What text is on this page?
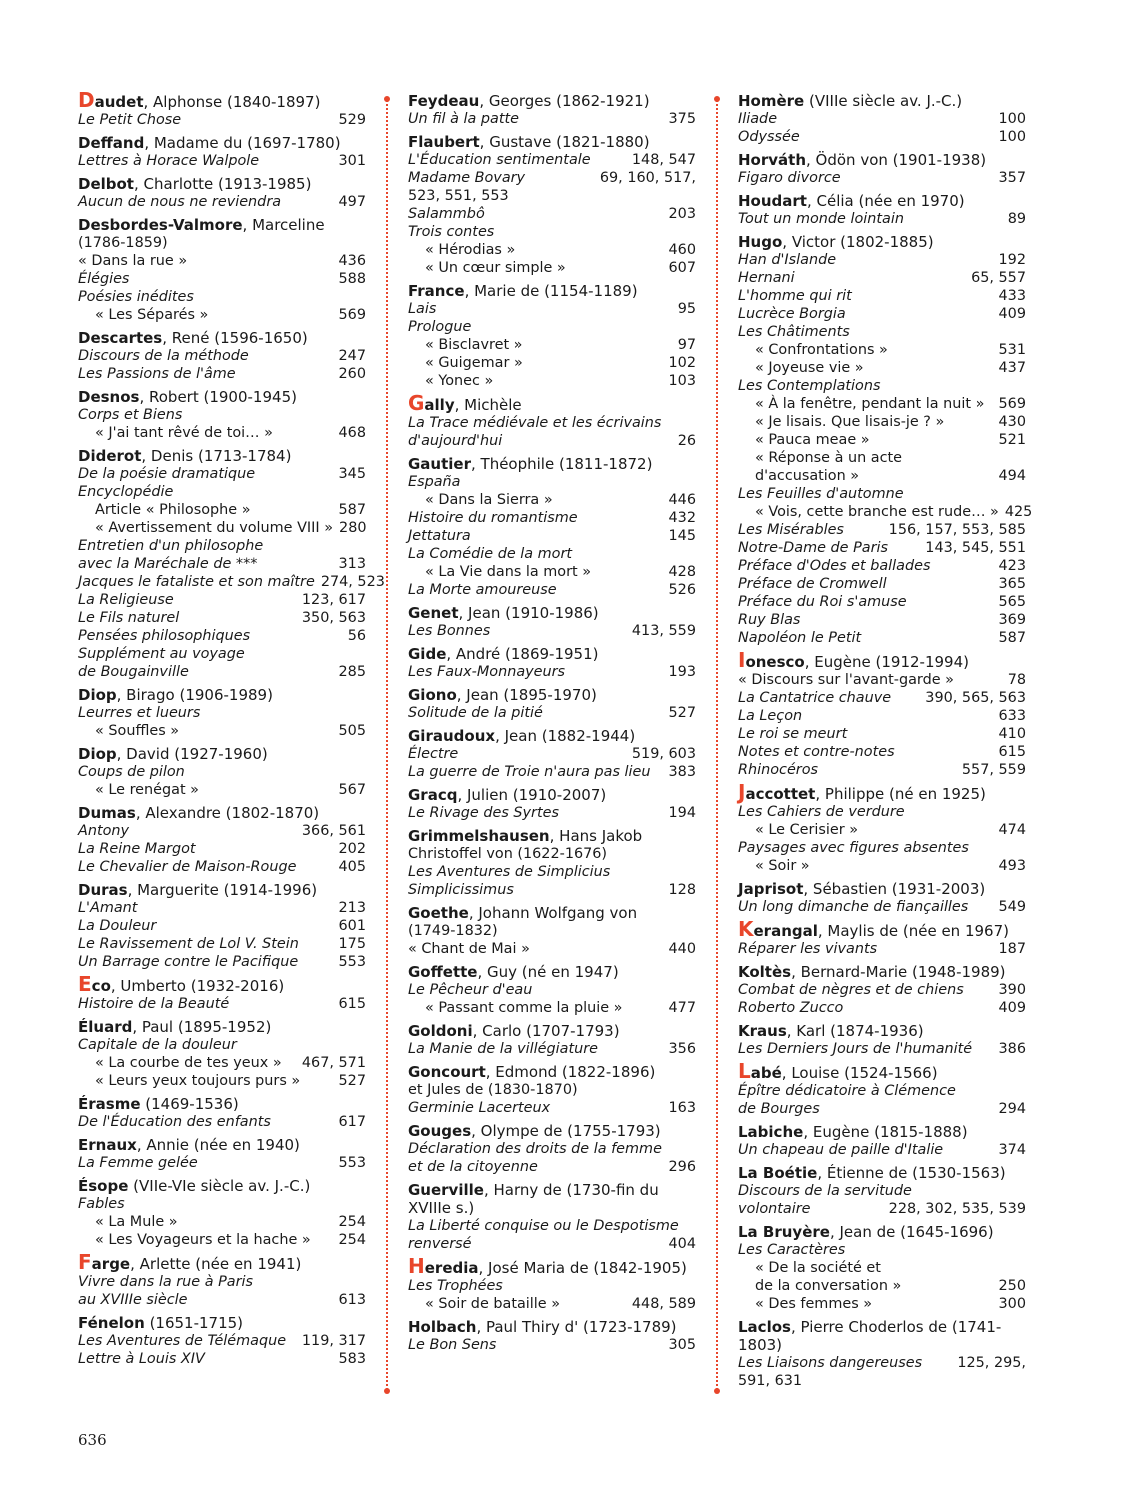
Daudet, Alphonse (1840-1897)
Le Petit Chose	529
Deffand, Madame du (1697-1780)
Lettres à Horace Walpole	301
Delbot, Charlotte (1913-1985)
Aucun de nous ne reviendra	497
Desbordes-Valmore, Marceline
(1786-1859)
« Dans la rue »	436
Élégies	588
Poésies inédites
« Les Séparés »	569
Descartes, René (1596-1650)
Discours de la méthode	247
Les Passions de l'âme	260
Desnos, Robert (1900-1945)
Corps et Biens
« J'ai tant rêvé de toi… »	468
Diderot, Denis (1713-1784)
De la poésie dramatique	345
Encyclopédie
Article « Philosophe »	587
« Avertissement du volume VIII » 280
Entretien d'un philosophe
avec la Maréchale de ***	313
Jacques le fataliste et son maître 274, 523
La Religieuse	123, 617
Le Fils naturel	350, 563
Pensées philosophiques	56
Supplément au voyage
de Bougainville	285
Diop, Birago (1906-1989)
Leurres et lueurs
« Souffles »	505
Diop, David (1927-1960)
Coups de pilon
« Le renégat »	567
Dumas, Alexandre (1802-1870)
Antony	366, 561
La Reine Margot	202
Le Chevalier de Maison-Rouge	405
Duras, Marguerite (1914-1996)
L'Amant	213
La Douleur	601
Le Ravissement de Lol V. Stein	175
Un Barrage contre le Pacifique	553
Eco, Umberto (1932-2016)
Histoire de la Beauté	615
Éluard, Paul (1895-1952)
Capitale de la douleur
« La courbe de tes yeux »	467, 571
« Leurs yeux toujours purs »	527
Érasme (1469-1536)
De l'Éducation des enfants	617
Ernaux, Annie (née en 1940)
La Femme gelée	553
Ésope (VIIe-VIe siècle av. J.-C.)
Fables
« La Mule »	254
« Les Voyageurs et la hache »	254
Farge, Arlette (née en 1941)
Vivre dans la rue à Paris
au XVIIIe siècle	613
Fénelon (1651-1715)
Les Aventures de Télémaque	119, 317
Lettre à Louis XIV	583
Feydeau, Georges (1862-1921)
Un fil à la patte	375
Flaubert, Gustave (1821-1880)
L'Éducation sentimentale	148, 547
Madame Bovary	69, 160, 517,
523, 551, 553
Salammbô	203
Trois contes
« Hérodias »	460
« Un cœur simple »	607
France, Marie de (1154-1189)
Lais	95
Prologue
« Bisclavret »	97
« Guigemar »	102
« Yonec »	103
Gally, Michèle
La Trace médiévale et les écrivains
d'aujourd'hui	26
Gautier, Théophile (1811-1872)
España
« Dans la Sierra »	446
Histoire du romantisme	432
Jettatura	145
La Comédie de la mort
« La Vie dans la mort »	428
La Morte amoureuse	526
Genet, Jean (1910-1986)
Les Bonnes	413, 559
Gide, André (1869-1951)
Les Faux-Monnayeurs	193
Giono, Jean (1895-1970)
Solitude de la pitié	527
Giraudoux, Jean (1882-1944)
Électre	519, 603
La guerre de Troie n'aura pas lieu	383
Gracq, Julien (1910-2007)
Le Rivage des Syrtes	194
Grimmelshausen, Hans Jakob
Christoffel von (1622-1676)
Les Aventures de Simplicius
Simplicissimus	128
Goethe, Johann Wolfgang von
(1749-1832)
« Chant de Mai »	440
Goffette, Guy (né en 1947)
Le Pêcheur d'eau
« Passant comme la pluie »	477
Goldoni, Carlo (1707-1793)
La Manie de la villégiature	356
Goncourt, Edmond (1822-1896)
et Jules de (1830-1870)
Germinie Lacerteux	163
Gouges, Olympe de (1755-1793)
Déclaration des droits de la femme
et de la citoyenne	296
Guerville, Harny de (1730-fin du XVIIIe s.)
La Liberté conquise ou le Despotisme
renversé	404
Heredia, José Maria de (1842-1905)
Les Trophées
« Soir de bataille »	448, 589
Holbach, Paul Thiry d' (1723-1789)
Le Bon Sens	305
Homère (VIIIe siècle av. J.-C.)
Iliade	100
Odyssée	100
Horváth, Ödön von (1901-1938)
Figaro divorce	357
Houdart, Célia (née en 1970)
Tout un monde lointain	89
Hugo, Victor (1802-1885)
Han d'Islande	192
Hernani	65, 557
L'homme qui rit	433
Lucrèce Borgia	409
Les Châtiments
« Confrontations »	531
« Joyeuse vie »	437
Les Contemplations
« À la fenêtre, pendant la nuit » 569
« Je lisais. Que lisais-je ? »	430
« Pauca meae »	521
« Réponse à un acte
d'accusation »	494
Les Feuilles d'automne
« Vois, cette branche est rude… » 425
Les Misérables	156, 157, 553, 585
Notre-Dame de Paris	143, 545, 551
Préface d'Odes et ballades	423
Préface de Cromwell	365
Préface du Roi s'amuse	565
Ruy Blas	369
Napoléon le Petit	587
Ionesco, Eugène (1912-1994)
« Discours sur l'avant-garde »	78
La Cantatrice chauve	390, 565, 563
La Leçon	633
Le roi se meurt	410
Notes et contre-notes	615
Rhinocéros	557, 559
Jaccottet, Philippe (né en 1925)
Les Cahiers de verdure
« Le Cerisier »	474
Paysages avec figures absentes
« Soir »	493
Japrisot, Sébastien (1931-2003)
Un long dimanche de fiançailles	549
Kerangal, Maylis de (née en 1967)
Réparer les vivants	187
Koltès, Bernard-Marie (1948-1989)
Combat de nègres et de chiens	390
Roberto Zucco	409
Kraus, Karl (1874-1936)
Les Derniers Jours de l'humanité	386
Labé, Louise (1524-1566)
Épître dédicatoire à Clémence
de Bourges	294
Labiche, Eugène (1815-1888)
Un chapeau de paille d'Italie	374
La Boétie, Étienne de (1530-1563)
Discours de la servitude
volontaire	228, 302, 535, 539
La Bruyère, Jean de (1645-1696)
Les Caractères
« De la société et
de la conversation »	250
« Des femmes »	300
Laclos, Pierre Choderlos de (1741-1803)
Les Liaisons dangereuses	125, 295,
591, 631
636
